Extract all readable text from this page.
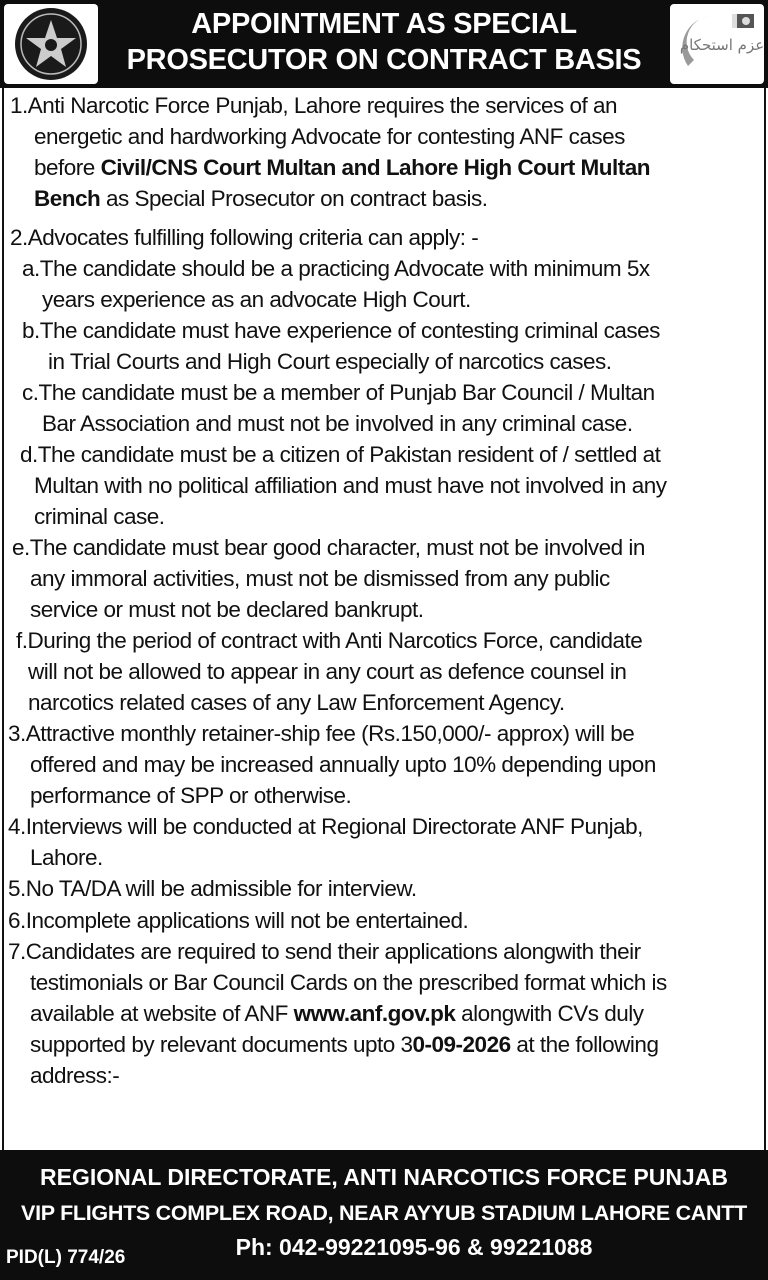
APPOINTMENT AS SPECIAL
PROSECUTOR ON CONTRACT BASIS	عزم استحکام
1.Anti Narcotic Force Punjab, Lahore requires the services of an
energetic and hardworking Advocate for contesting ANF cases
before Civil/CNS Court Multan and Lahore High Court Multan
Bench as Special Prosecutor on contract basis.
2.Advocates fulfilling following criteria can apply: -
a.The candidate should be a practicing Advocate with minimum 5x
years experience as an advocate High Court.
b.The candidate must have experience of contesting criminal cases
in Trial Courts and High Court especially of narcotics cases.
c.The candidate must be a member of Punjab Bar Council / Multan
Bar Association and must not be involved in any criminal case.
d.The candidate must be a citizen of Pakistan resident of / settled at
Multan with no political affiliation and must have not involved in any
criminal case.
e.The candidate must bear good character, must not be involved in
any immoral activities, must not be dismissed from any public
service or must not be declared bankrupt.
f.During the period of contract with Anti Narcotics Force, candidate
will not be allowed to appear in any court as defence counsel in
narcotics related cases of any Law Enforcement Agency.
3.Attractive monthly retainer-ship fee (Rs.150,000/- approx) will be
offered and may be increased annually upto 10% depending upon
performance of SPP or otherwise.
4.Interviews will be conducted at Regional Directorate ANF Punjab,
Lahore.
5.No TA/DA will be admissible for interview.
6.Incomplete applications will not be entertained.
7.Candidates are required to send their applications alongwith their
testimonials or Bar Council Cards on the prescribed format which is
available at website of ANF www.anf.gov.pk alongwith CVs duly
supported by relevant documents upto 30-09-2026 at the following
address:-
REGIONAL DIRECTORATE, ANTI NARCOTICS FORCE PUNJAB
VIP FLIGHTS COMPLEX ROAD, NEAR AYYUB STADIUM LAHORE CANTT
Ph: 042-99221095-96 & 99221088
PID(L) 774/26
